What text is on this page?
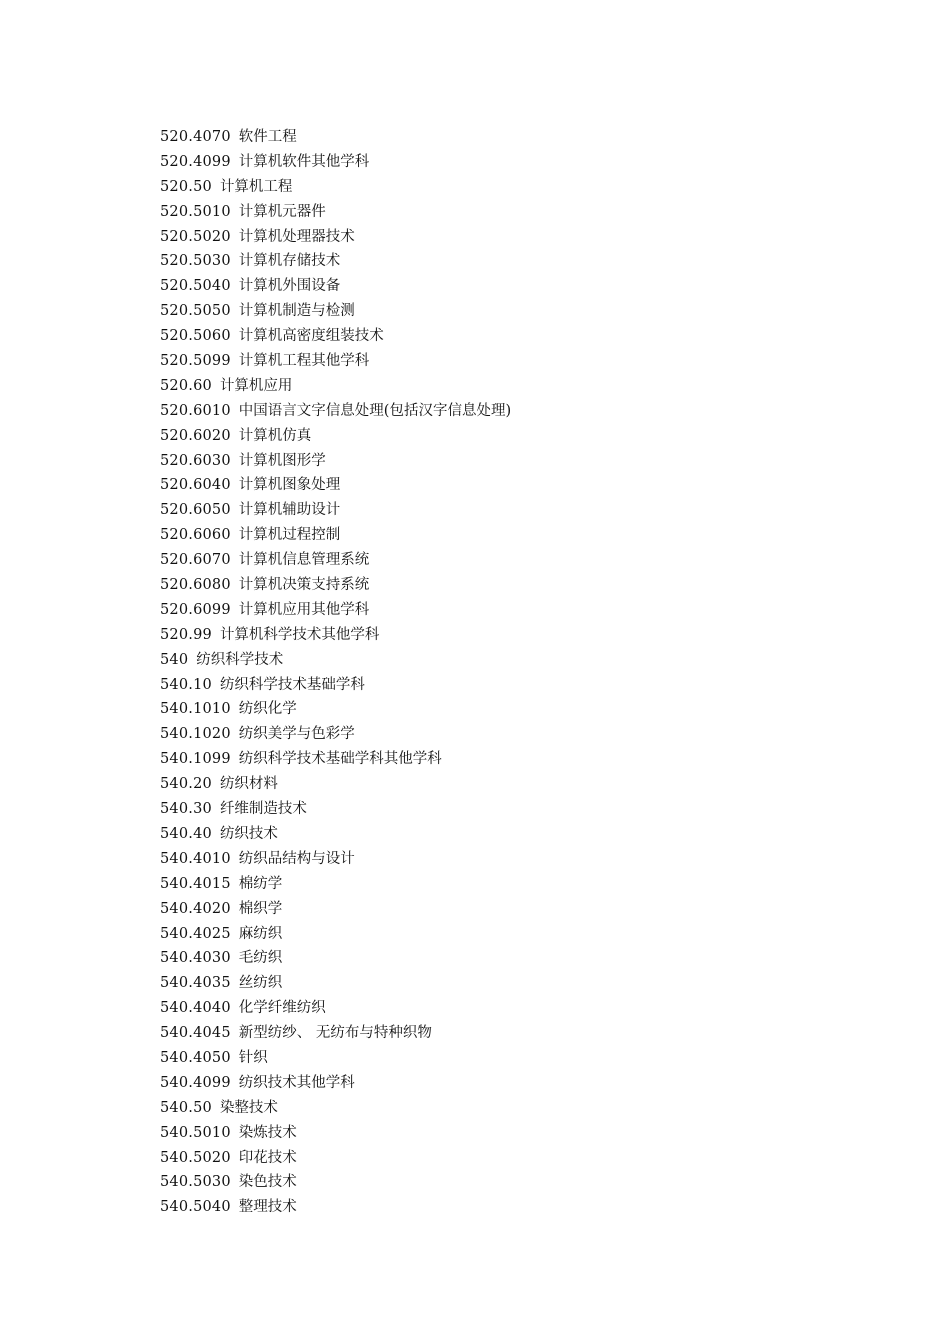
520.4070 软件工程
520.4099 计算机软件其他学科
520.50 计算机工程
520.5010 计算机元器件
520.5020 计算机处理器技术
520.5030 计算机存储技术
520.5040 计算机外围设备
520.5050 计算机制造与检测
520.5060 计算机高密度组装技术
520.5099 计算机工程其他学科
520.60 计算机应用
520.6010 中国语言文字信息处理(包括汉字信息处理)
520.6020 计算机仿真
520.6030 计算机图形学
520.6040 计算机图象处理
520.6050 计算机辅助设计
520.6060 计算机过程控制
520.6070 计算机信息管理系统
520.6080 计算机决策支持系统
520.6099 计算机应用其他学科
520.99 计算机科学技术其他学科
540 纺织科学技术
540.10 纺织科学技术基础学科
540.1010 纺织化学
540.1020 纺织美学与色彩学
540.1099 纺织科学技术基础学科其他学科
540.20 纺织材料
540.30 纤维制造技术
540.40 纺织技术
540.4010 纺织品结构与设计
540.4015 棉纺学
540.4020 棉织学
540.4025 麻纺织
540.4030 毛纺织
540.4035 丝纺织
540.4040 化学纤维纺织
540.4045 新型纺纱、 无纺布与特种织物
540.4050 针织
540.4099 纺织技术其他学科
540.50 染整技术
540.5010 染炼技术
540.5020 印花技术
540.5030 染色技术
540.5040 整理技术
